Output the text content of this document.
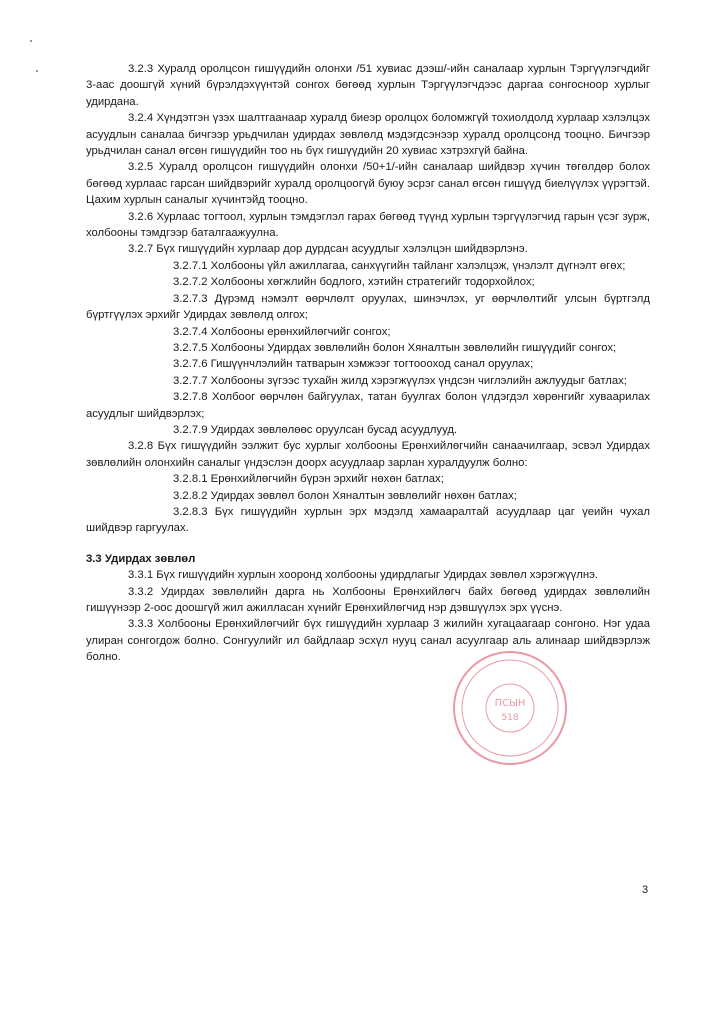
3.2.3 Хуралд оролцсон гишүүдийн олонхи /51 хувиас дээш/-ийн саналаар хурлын Тэргүүлэгчдийг 3-аас доошгүй хүний бүрэлдэхүүнтэй сонгох бөгөөд хурлын Тэргүүлэгчдээс даргаа сонгосноор хурлыг удирдана.

3.2.4 Хүндэтгэн үзэх шалтгаанаар хуралд биеэр оролцох боломжгүй тохиолдолд хурлаар хэлэлцэх асуудлын саналаа бичгээр урьдчилан удирдах зөвлөлд мэдэгдсэнээр хуралд оролцсонд тооцно. Бичгээр урьдчилан санал өгсөн гишүүдийн тоо нь бүх гишүүдийн 20 хувиас хэтрэхгүй байна.

3.2.5 Хуралд оролцсон гишүүдийн олонхи /50+1/-ийн саналаар шийдвэр хүчин төгөлдөр болох бөгөөд хурлаас гарсан шийдвэрийг хуралд оролцоогүй буюу эсрэг санал өгсөн гишүүд биелүүлэх үүрэгтэй. Цахим хурлын саналыг хүчинтэйд тооцно.

3.2.6 Хурлаас тогтоол, хурлын тэмдэглэл гарах бөгөөд түүнд хурлын тэргүүлэгчид гарын үсэг зурж, холбооны тэмдгээр баталгаажуулна.

3.2.7 Бүх гишүүдийн хурлаар дор дурдсан асуудлыг хэлэлцэн шийдвэрлэнэ.

3.2.7.1 Холбооны үйл ажиллагаа, санхүүгийн тайланг хэлэлцэж, үнэлэлт дүгнэлт өгөх;

3.2.7.2 Холбооны хөгжлийн бодлого, хэтийн стратегийг тодорхойлох;

3.2.7.3 Дүрэмд нэмэлт өөрчлөлт оруулах, шинэчлэх, уг өөрчлөлтийг улсын бүртгэлд бүртгүүлэх эрхийг Удирдах зөвлөлд олгох;

3.2.7.4 Холбооны ерөнхийлөгчийг сонгох;

3.2.7.5 Холбооны Удирдах зөвлөлийн болон Хяналтын зөвлөлийн гишүүдийг сонгох;

3.2.7.6 Гишүүнчлэлийн татварын хэмжээг тогтоооход санал оруулах;

3.2.7.7 Холбооны зүгээс тухайн жилд хэрэгжүүлэх үндсэн чиглэлийн ажлуудыг батлах;

3.2.7.8 Холбоог өөрчлөн байгуулах, татан буулгах болон үлдэгдэл хөрөнгийг хуваарилах асуудлыг шийдвэрлэх;

3.2.7.9 Удирдах зөвлөлөөс оруулсан бусад асуудлууд.

3.2.8 Бүх гишүүдийн ээлжит бус хурлыг холбооны Ерөнхийлөгчийн санаачилгаар, эсвэл Удирдах зөвлөлийн олонхийн саналыг үндэслэн доорх асуудлаар зарлан хуралдуулж болно:

3.2.8.1 Ерөнхийлөгчийн бүрэн эрхийг нөхөн батлах;

3.2.8.2 Удирдах зөвлөл болон Хяналтын зөвлөлийг нөхөн батлах;

3.2.8.3 Бүх гишүүдийн хурлын эрх мэдэлд хамааралтай асуудлаар цаг үеийн чухал шийдвэр гаргуулах.

3.3 Удирдах зөвлөл

3.3.1 Бүх гишүүдийн хурлын хооронд холбооны удирдлагыг Удирдах зөвлөл хэрэгжүүлнэ.

3.3.2 Удирдах зөвлөлийн дарга нь Холбооны Ерөнхийлөгч байх бөгөөд удирдах зөвлөлийн гишүүнээр 2-оос доошгүй жил ажилласан хүнийг Ерөнхийлөгчид нэр дэвшүүлэх эрх үүснэ.

3.3.3 Холбооны Ерөнхийлөгчийг бүх гишүүдийн хурлаар 3 жилийн хугацаагаар сонгоно. Нэг удаа улиран сонгогдож болно. Сонгуулийг ил байдлаар эсхүл нууц санал асуулгаар аль алинаар шийдвэрлэж болно.

ПСЫН
518
3
